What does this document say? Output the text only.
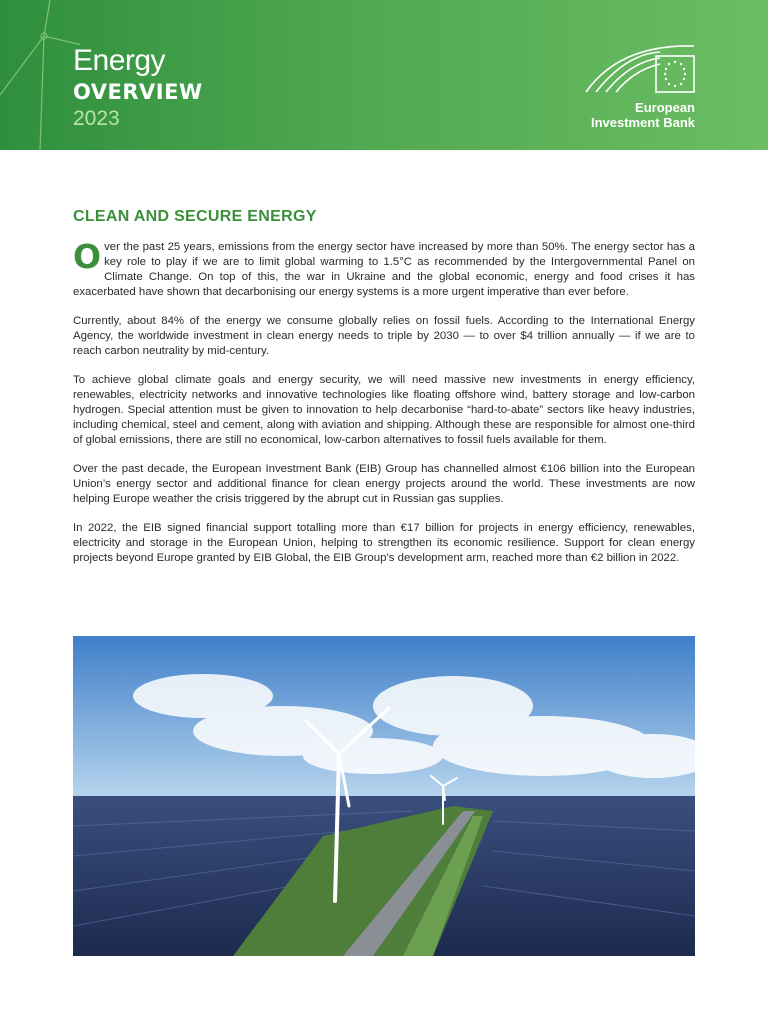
Energy
OVERVIEW
2023	European
Investment Bank
CLEAN AND SECURE ENERGY

Over the past 25 years, emissions from the energy sector have increased by more than 50%. The energy sector has a key role to play if we are to limit global warming to 1.5°C as recommended by the Intergovernmental Panel on Climate Change. On top of this, the war in Ukraine and the global economic, energy and food crises it has exacerbated have shown that decarbonising our energy systems is a more urgent imperative than ever before.

Currently, about 84% of the energy we consume globally relies on fossil fuels. According to the International Energy Agency, the worldwide investment in clean energy needs to triple by 2030 — to over $4 trillion annually — if we are to reach carbon neutrality by mid-century.

To achieve global climate goals and energy security, we will need massive new investments in energy efficiency, renewables, electricity networks and innovative technologies like floating offshore wind, battery storage and low-carbon hydrogen. Special attention must be given to innovation to help decarbonise “hard-to-abate” sectors like heavy industries, including chemical, steel and cement, along with aviation and shipping. Although these are responsible for almost one-third of global emissions, there are still no economical, low-carbon alternatives to fossil fuels available for them.

Over the past decade, the European Investment Bank (EIB) Group has channelled almost €106 billion into the European Union’s energy sector and additional finance for clean energy projects around the world. These investments are now helping Europe weather the crisis triggered by the abrupt cut in Russian gas supplies.

In 2022, the EIB signed financial support totalling more than €17 billion for projects in energy efficiency, renewables, electricity and storage in the European Union, helping to strengthen its economic resilience. Support for clean energy projects beyond Europe granted by EIB Global, the EIB Group’s development arm, reached more than €2 billion in 2022.
